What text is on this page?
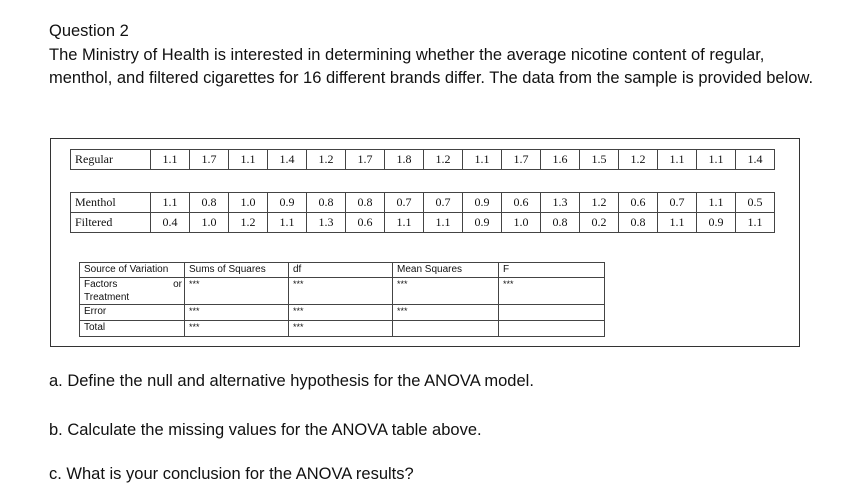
Question 2
The Ministry of Health is interested in determining whether the average nicotine content of regular, menthol, and filtered cigarettes for 16 different brands differ. The data from the sample is provided below.
Regular	1.1	1.7	1.1	1.4	1.2	1.7	1.8	1.2	1.1	1.7	1.6	1.5	1.2	1.1	1.1	1.4
Menthol	1.1	0.8	1.0	0.9	0.8	0.8	0.7	0.7	0.9	0.6	1.3	1.2	0.6	0.7	1.1	0.5
Filtered	0.4	1.0	1.2	1.1	1.3	0.6	1.1	1.1	0.9	1.0	0.8	0.2	0.8	1.1	0.9	1.1
Source of Variation	Sums of Squares	df	Mean Squares	F

Factors or
Treatment	***	***	***	***
Error	***	***	***	
Total	***	***		
a. Define the null and alternative hypothesis for the ANOVA model.
b. Calculate the missing values for the ANOVA table above.
c. What is your conclusion for the ANOVA results?
